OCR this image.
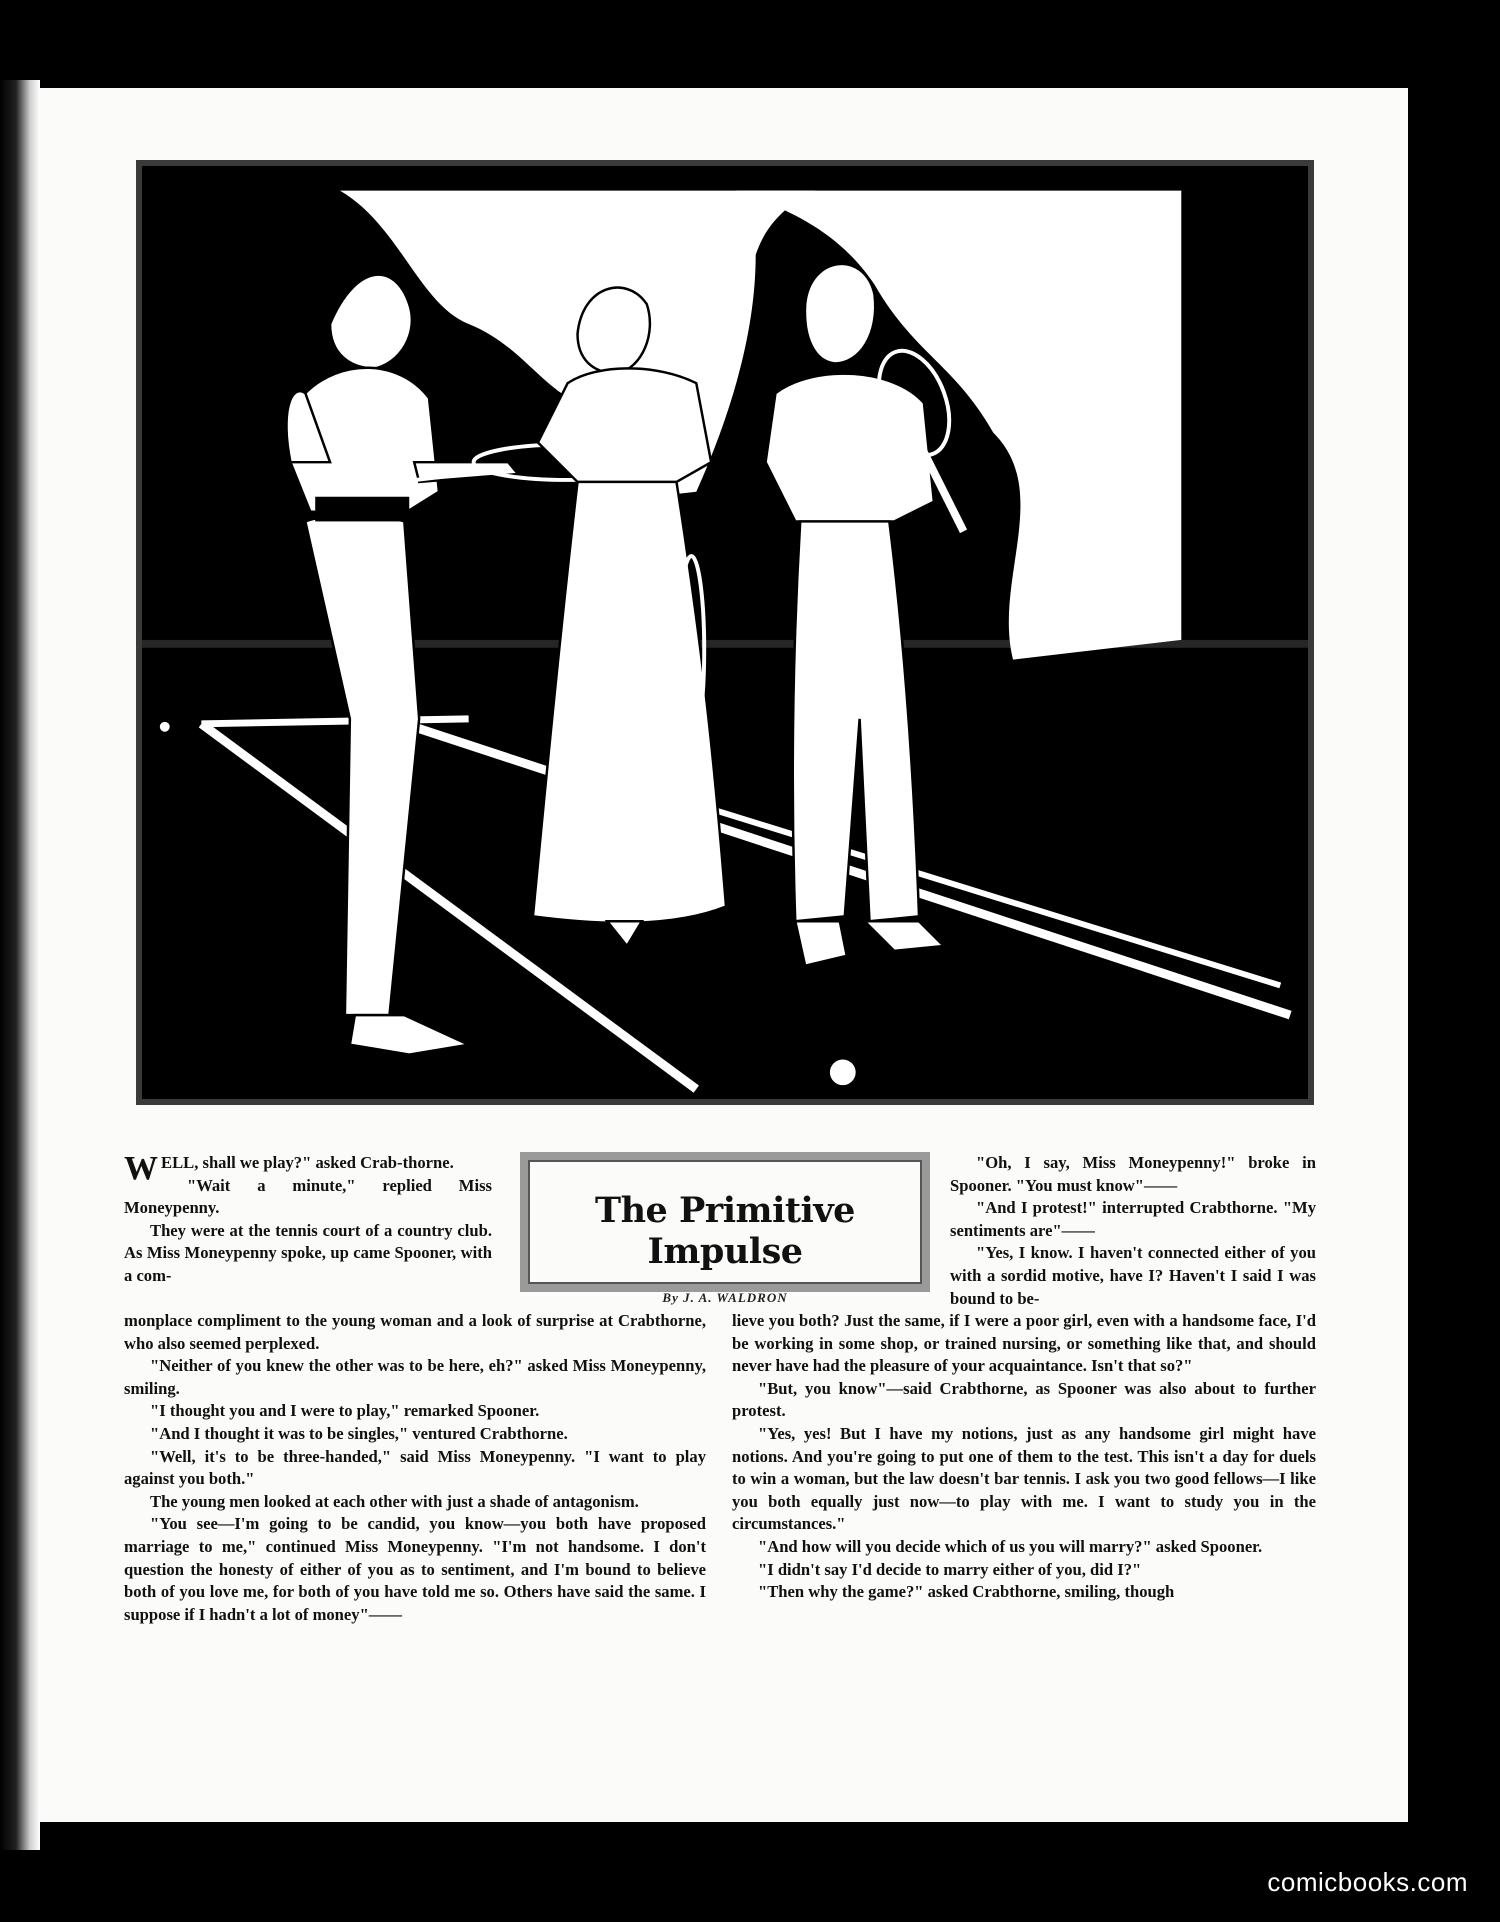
WELL, shall we play?" asked Crab-thorne.

"Wait a minute," replied Miss Moneypenny.

They were at the tennis court of a country club. As Miss Moneypenny spoke, up came Spooner, with a com-

The Primitive Impulse
By J. A. WALDRON

"Oh, I say, Miss Moneypenny!" broke in Spooner. "You must know"——

"And I protest!" interrupted Crabthorne. "My sentiments are"——

"Yes, I know. I haven't connected either of you with a sordid motive, have I? Haven't I said I was bound to be-

monplace compliment to the young woman and a look of surprise at Crabthorne, who also seemed perplexed.

"Neither of you knew the other was to be here, eh?" asked Miss Moneypenny, smiling.

"I thought you and I were to play," remarked Spooner.

"And I thought it was to be singles," ventured Crabthorne.

"Well, it's to be three-handed," said Miss Moneypenny. "I want to play against you both."

The young men looked at each other with just a shade of antagonism.

"You see—I'm going to be candid, you know—you both have proposed marriage to me," continued Miss Moneypenny. "I'm not handsome. I don't question the honesty of either of you as to sentiment, and I'm bound to believe both of you love me, for both of you have told me so. Others have said the same. I suppose if I hadn't a lot of money"——

lieve you both? Just the same, if I were a poor girl, even with a handsome face, I'd be working in some shop, or trained nursing, or something like that, and should never have had the pleasure of your acquaintance. Isn't that so?"

"But, you know"—said Crabthorne, as Spooner was also about to further protest.

"Yes, yes! But I have my notions, just as any handsome girl might have notions. And you're going to put one of them to the test. This isn't a day for duels to win a woman, but the law doesn't bar tennis. I ask you two good fellows—I like you both equally just now—to play with me. I want to study you in the circumstances."

"And how will you decide which of us you will marry?" asked Spooner.

"I didn't say I'd decide to marry either of you, did I?"

"Then why the game?" asked Crabthorne, smiling, though

comicbooks.com
